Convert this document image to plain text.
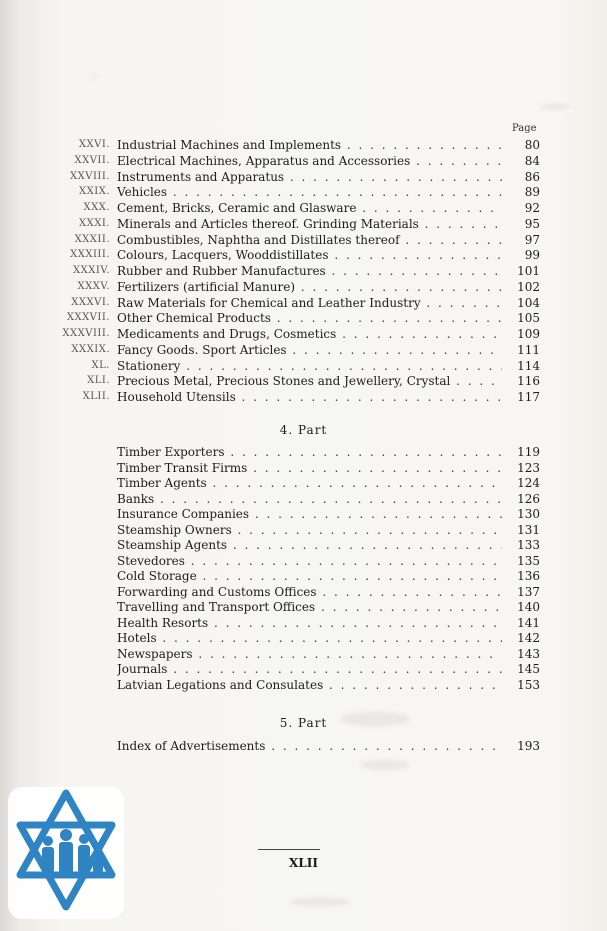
Page
XXVI. Industrial Machines and Implements . . .	80
XXVII. Electrical Machines, Apparatus and Accessories . . .	84
XXVIII. Instruments and Apparatus . . .	86
XXIX. Vehicles . . .	89
XXX. Cement, Bricks, Ceramic and Glasware . . .	92
XXXI. Minerals and Articles thereof. Grinding Materials . . .	95
XXXII. Combustibles, Naphtha and Distillates thereof . . .	97
XXXIII. Colours, Lacquers, Wooddistillates . . .	99
XXXIV. Rubber and Rubber Manufactures . . .	101
XXXV. Fertilizers (artificial Manure) . . .	102
XXXVI. Raw Materials for Chemical and Leather Industry . . .	104
XXXVII. Other Chemical Products . . .	105
XXXVIII. Medicaments and Drugs, Cosmetics . . .	109
XXXIX. Fancy Goods. Sport Articles . . .	111
XL. Stationery . . .	114
XLI. Precious Metal, Precious Stones and Jewellery, Crystal . . .	116
XLII. Household Utensils . . .	117
4. Part
Timber Exporters . . .	119
Timber Transit Firms . . .	123
Timber Agents . . .	124
Banks . . .	126
Insurance Companies . . .	130
Steamship Owners . . .	131
Steamship Agents . . .	133
Stevedores . . .	135
Cold Storage . . .	136
Forwarding and Customs Offices . . .	137
Travelling and Transport Offices . . .	140
Health Resorts . . .	141
Hotels . . .	142
Newspapers . . .	143
Journals . . .	145
Latvian Legations and Consulates . . .	153
5. Part
Index of Advertisements . . .	193
XLII
